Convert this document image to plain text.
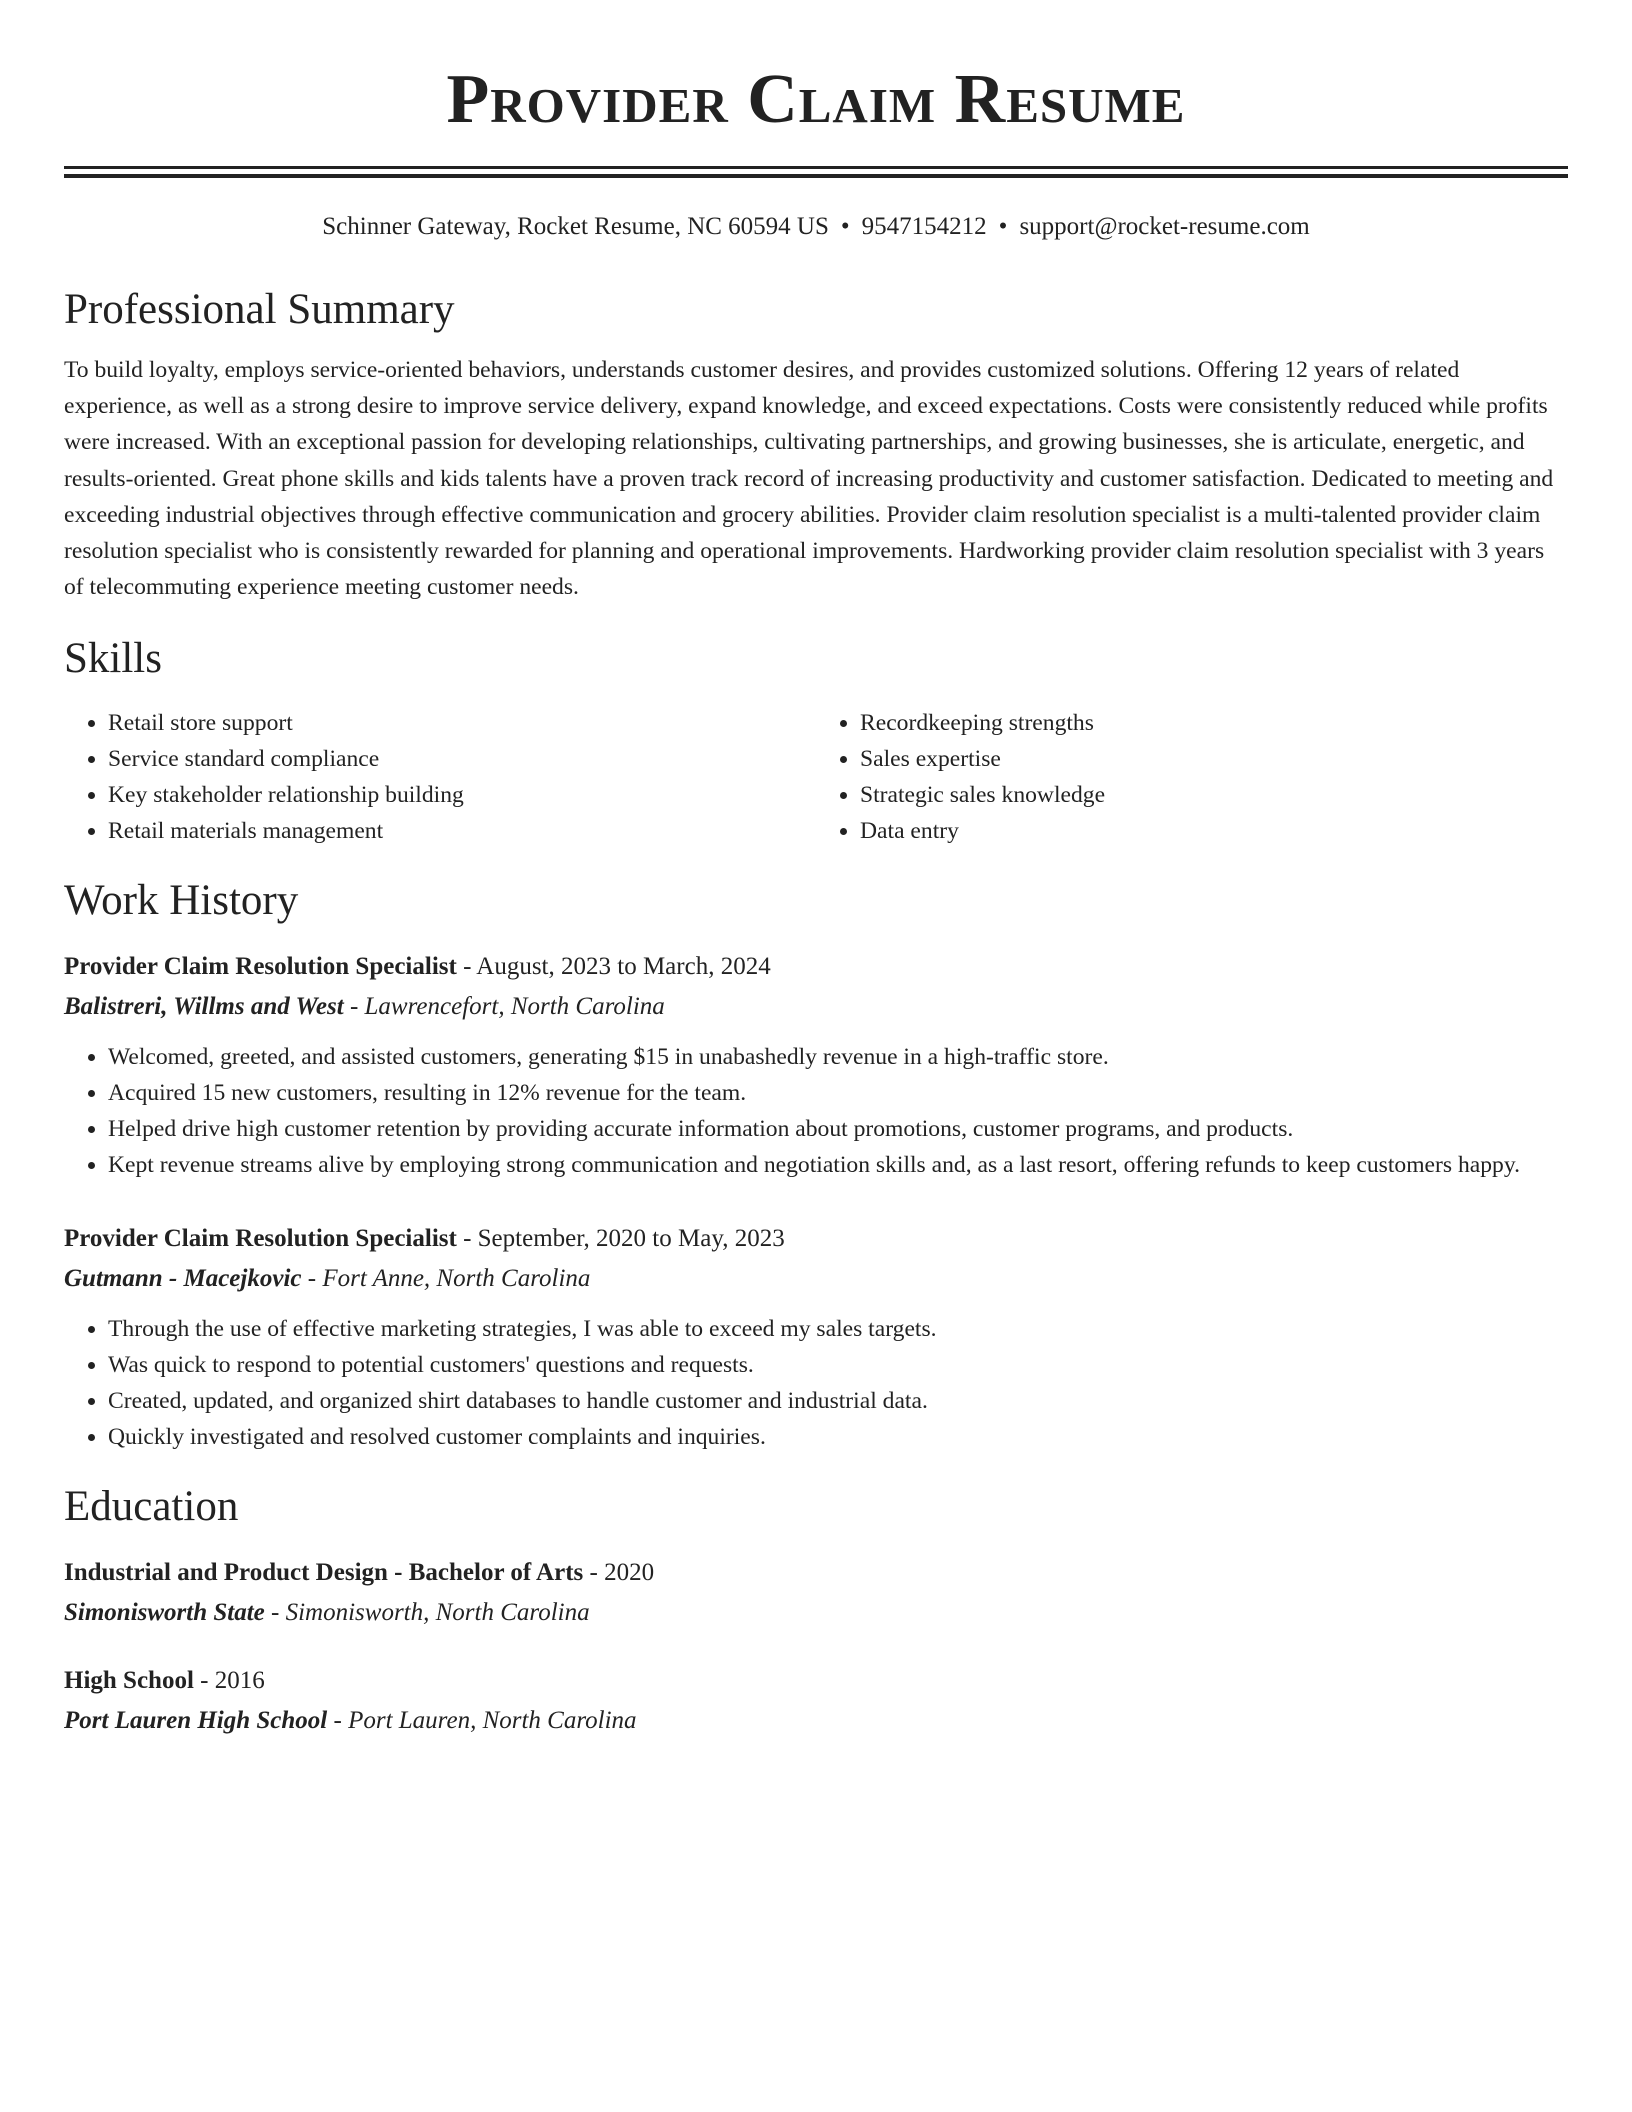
Provider Claim Resume
Schinner Gateway, Rocket Resume, NC 60594 US • 9547154212 • support@rocket-resume.com
Professional Summary
To build loyalty, employs service-oriented behaviors, understands customer desires, and provides customized solutions. Offering 12 years of related experience, as well as a strong desire to improve service delivery, expand knowledge, and exceed expectations. Costs were consistently reduced while profits were increased. With an exceptional passion for developing relationships, cultivating partnerships, and growing businesses, she is articulate, energetic, and results-oriented. Great phone skills and kids talents have a proven track record of increasing productivity and customer satisfaction. Dedicated to meeting and exceeding industrial objectives through effective communication and grocery abilities. Provider claim resolution specialist is a multi-talented provider claim resolution specialist who is consistently rewarded for planning and operational improvements. Hardworking provider claim resolution specialist with 3 years of telecommuting experience meeting customer needs.
Skills
• Retail store support
• Service standard compliance
• Key stakeholder relationship building
• Retail materials management
• Recordkeeping strengths
• Sales expertise
• Strategic sales knowledge
• Data entry
Work History
Provider Claim Resolution Specialist - August, 2023 to March, 2024
Balistreri, Willms and West - Lawrencefort, North Carolina
• Welcomed, greeted, and assisted customers, generating $15 in unabashedly revenue in a high-traffic store.
• Acquired 15 new customers, resulting in 12% revenue for the team.
• Helped drive high customer retention by providing accurate information about promotions, customer programs, and products.
• Kept revenue streams alive by employing strong communication and negotiation skills and, as a last resort, offering refunds to keep customers happy.
Provider Claim Resolution Specialist - September, 2020 to May, 2023
Gutmann - Macejkovic - Fort Anne, North Carolina
• Through the use of effective marketing strategies, I was able to exceed my sales targets.
• Was quick to respond to potential customers' questions and requests.
• Created, updated, and organized shirt databases to handle customer and industrial data.
• Quickly investigated and resolved customer complaints and inquiries.
Education
Industrial and Product Design - Bachelor of Arts - 2020
Simonisworth State - Simonisworth, North Carolina
High School - 2016
Port Lauren High School - Port Lauren, North Carolina
